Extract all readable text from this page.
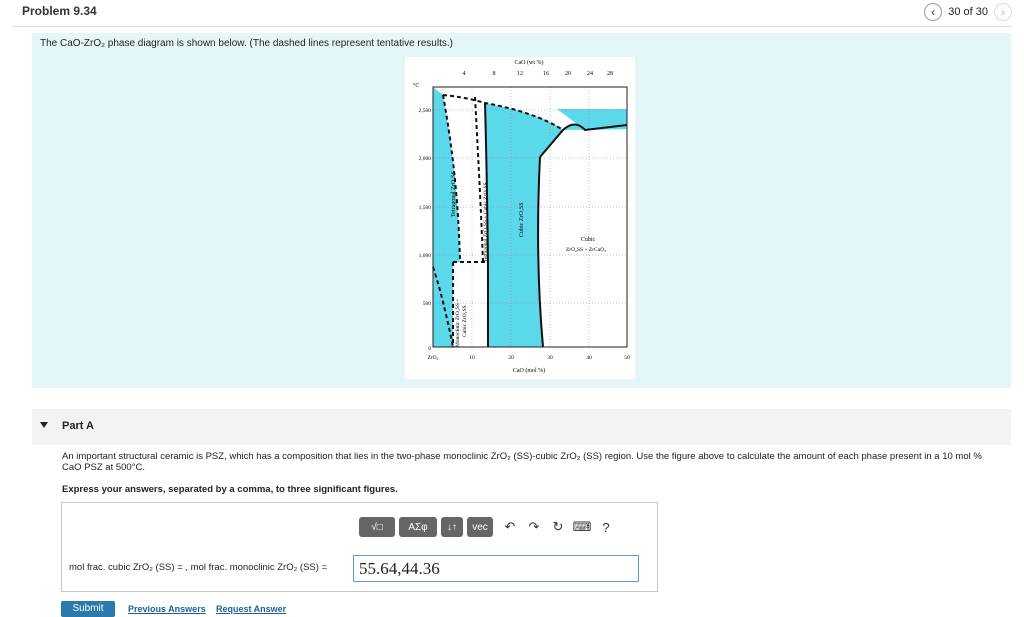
Problem 9.34	‹	30 of 30	›
The CaO-ZrO₂ phase diagram is shown below. (The dashed lines represent tentative results.)
CaO (wt %)
4	8	12	16	20	24 28
°C
2,500
2,000
1,500
1,000
500
0
ZrO₂	10	20	30	40	50
CaO (mol %)
Tetragonal ZrO₂SS	Tetragonal ZrO₂SS + Cubic ZrO₂SS	Cubic ZrO₂SS
Monoclinic ZrO₂SS + Cubic ZrO₂SS
Cubic
ZrO₂SS + ZrCaO₃
Part A
An important structural ceramic is PSZ, which has a composition that lies in the two-phase monoclinic ZrO₂ (SS)-cubic ZrO₂ (SS) region. Use the figure above to calculate the amount of each phase present in a 10 mol % CaO PSZ at 500°C.
Express your answers, separated by a comma, to three significant figures.
√□	ΑΣφ	↓↑	vec	↶	↷	↻ ⌨ ?
mol frac. cubic ZrO₂ (SS) = , mol frac. monoclinic ZrO₂ (SS) =	55.64,44.36
Submit	Previous Answers Request Answer
